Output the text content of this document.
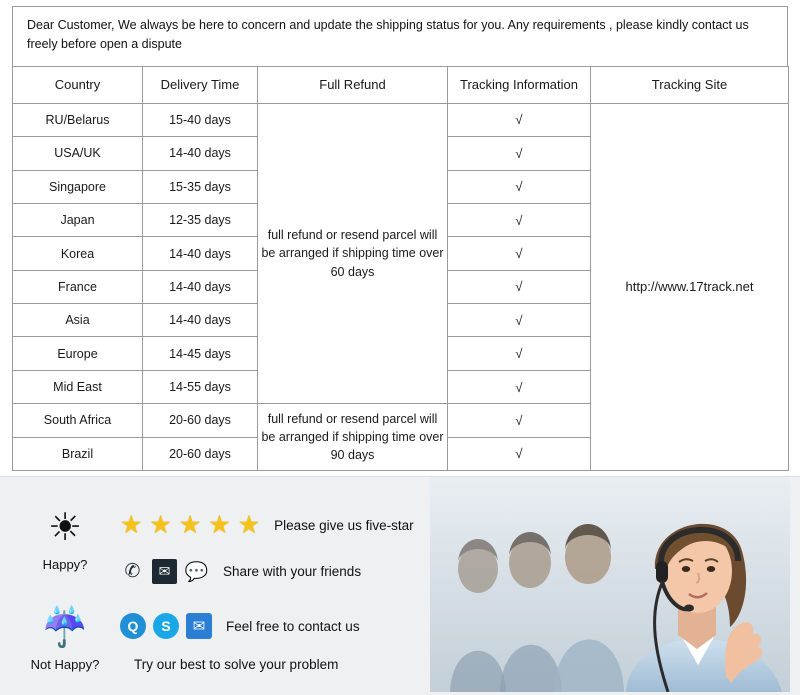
Dear Customer, We always be here to concern and update the shipping status for you. Any requirements , please kindly contact us freely before open a dispute
Country	Delivery Time	Full Refund	Tracking Information	Tracking Site
RU/Belarus	15-40 days	full refund or resend parcel will be arranged if shipping time over 60 days	√	http://www.17track.net
USA/UK	14-40 days		√	
Singapore	15-35 days		√	
Japan	12-35 days		√	
Korea	14-40 days		√	
France	14-40 days		√	
Asia	14-40 days		√	
Europe	14-45 days		√	
Mid East	14-55 days		√	
South Africa	20-60 days	full refund or resend parcel will be arranged if shipping time over 90 days	√	
Brazil	20-60 days		√	
☀
Happy?
☔
Not Happy?
★ ★ ★ ★ ★ Please give us five-star
✆	✉ 💬 Share with your friends
Q	S	✉	Feel free to contact us
Try our best to solve your problem
